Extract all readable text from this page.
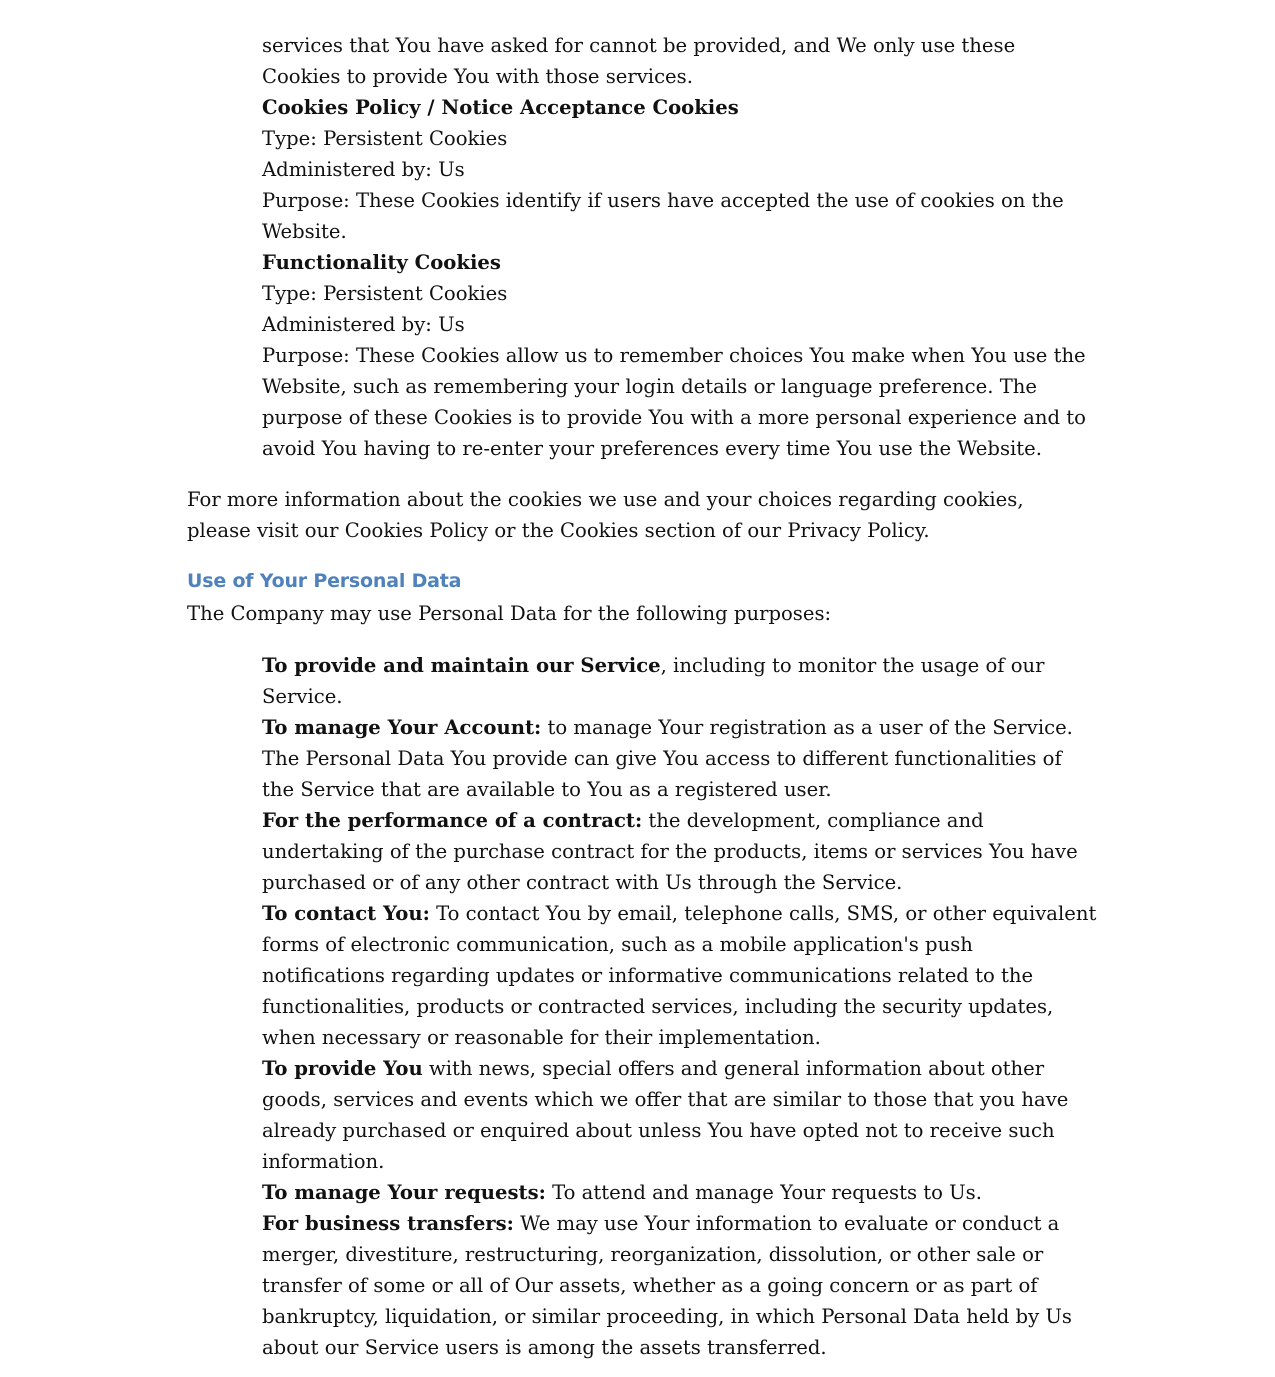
services that You have asked for cannot be provided, and We only use these Cookies to provide You with those services.

Cookies Policy / Notice Acceptance Cookies

Type: Persistent Cookies

Administered by: Us

Purpose: These Cookies identify if users have accepted the use of cookies on the Website.

Functionality Cookies

Type: Persistent Cookies

Administered by: Us

Purpose: These Cookies allow us to remember choices You make when You use the Website, such as remembering your login details or language preference. The purpose of these Cookies is to provide You with a more personal experience and to avoid You having to re-enter your preferences every time You use the Website.

For more information about the cookies we use and your choices regarding cookies, please visit our Cookies Policy or the Cookies section of our Privacy Policy.

Use of Your Personal Data

The Company may use Personal Data for the following purposes:

To provide and maintain our Service, including to monitor the usage of our Service.

To manage Your Account: to manage Your registration as a user of the Service. The Personal Data You provide can give You access to different functionalities of the Service that are available to You as a registered user.

For the performance of a contract: the development, compliance and undertaking of the purchase contract for the products, items or services You have purchased or of any other contract with Us through the Service.

To contact You: To contact You by email, telephone calls, SMS, or other equivalent forms of electronic communication, such as a mobile application's push notifications regarding updates or informative communications related to the functionalities, products or contracted services, including the security updates, when necessary or reasonable for their implementation.

To provide You with news, special offers and general information about other goods, services and events which we offer that are similar to those that you have already purchased or enquired about unless You have opted not to receive such information.

To manage Your requests: To attend and manage Your requests to Us.

For business transfers: We may use Your information to evaluate or conduct a merger, divestiture, restructuring, reorganization, dissolution, or other sale or transfer of some or all of Our assets, whether as a going concern or as part of bankruptcy, liquidation, or similar proceeding, in which Personal Data held by Us about our Service users is among the assets transferred.
